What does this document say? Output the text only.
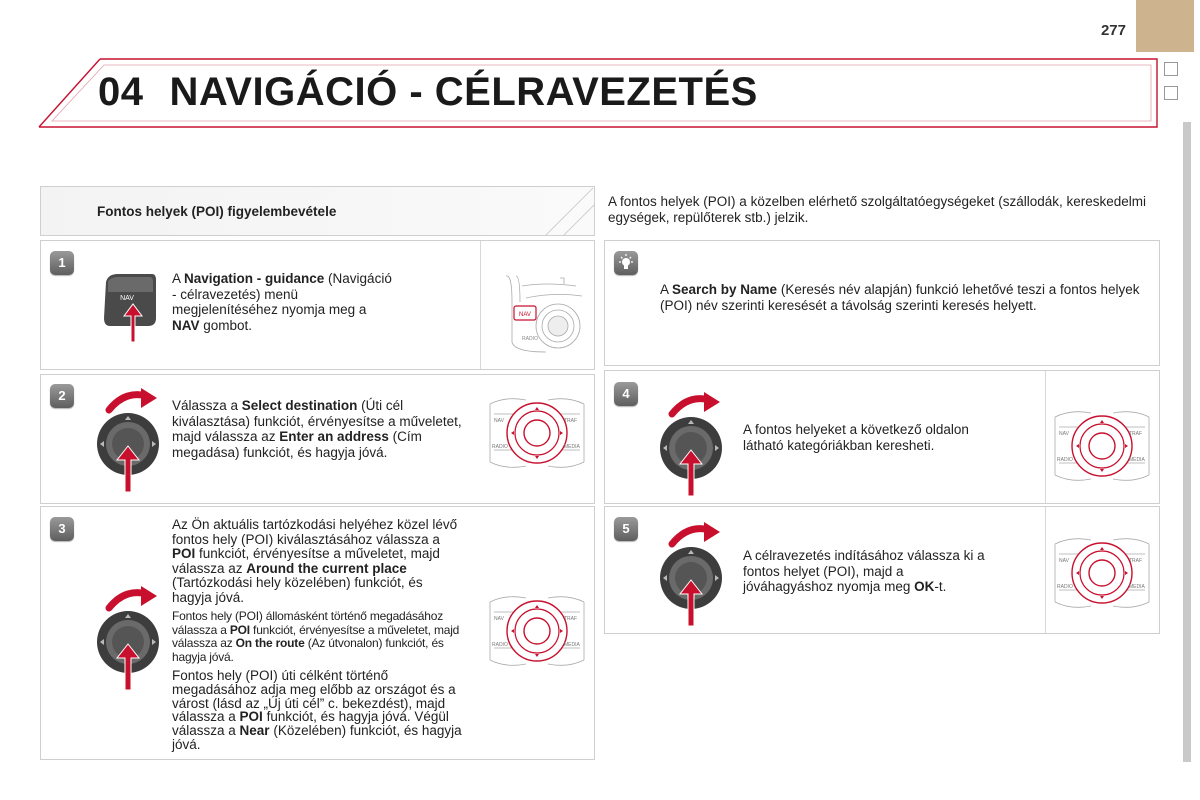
277
04 NAVIGÁCIÓ - CÉLRAVEZETÉS
Fontos helyek (POI) figyelembevétele
A fontos helyek (POI) a közelben elérhető szolgáltatóegységeket (szállodák, kereskedelmi egységek, repülőterek stb.) jelzik.
1
2
3
4
5
NAV
A Navigation - guidance (Navigáció - célravezetés) menü megjelenítéséhez nyomja meg a NAV gombot.
NAV
RADIO
Válassza a Select destination (Úti cél kiválasztása) funkciót, érvényesítse a műveletet, majd válassza az Enter an address (Cím megadása) funkciót, és hagyja jóvá.
Az Ön aktuális tartózkodási helyéhez közel lévő fontos hely (POI) kiválasztásához válassza a POI funkciót, érvényesítse a műveletet, majd válassza az Around the current place (Tartózkodási hely közelében) funkciót, és hagyja jóvá.
Fontos hely (POI) állomásként történő megadásához válassza a POI funkciót, érvényesítse a műveletet, majd válassza az On the route (Az útvonalon) funkciót, és hagyja jóvá.
Fontos hely (POI) úti célként történő megadásához adja meg előbb az országot és a várost (lásd az „Új úti cél” c. bekezdést), majd válassza a POI funkciót, és hagyja jóvá. Végül válassza a Near (Közelében) funkciót, és hagyja jóvá.
A Search by Name (Keresés név alapján) funkció lehetővé teszi a fontos helyek (POI) név szerinti keresését a távolság szerinti keresés helyett.
A fontos helyeket a következő oldalon látható kategóriákban keresheti.
A célravezetés indításához válassza ki a fontos helyet (POI), majd a jóváhagyáshoz nyomja meg OK-t.
NAV	TRAF
RADIO	MEDIA
NAV	TRAF
RADIO	MEDIA
NAV	TRAF
RADIO	MEDIA
NAV	TRAF
RADIO	MEDIA
